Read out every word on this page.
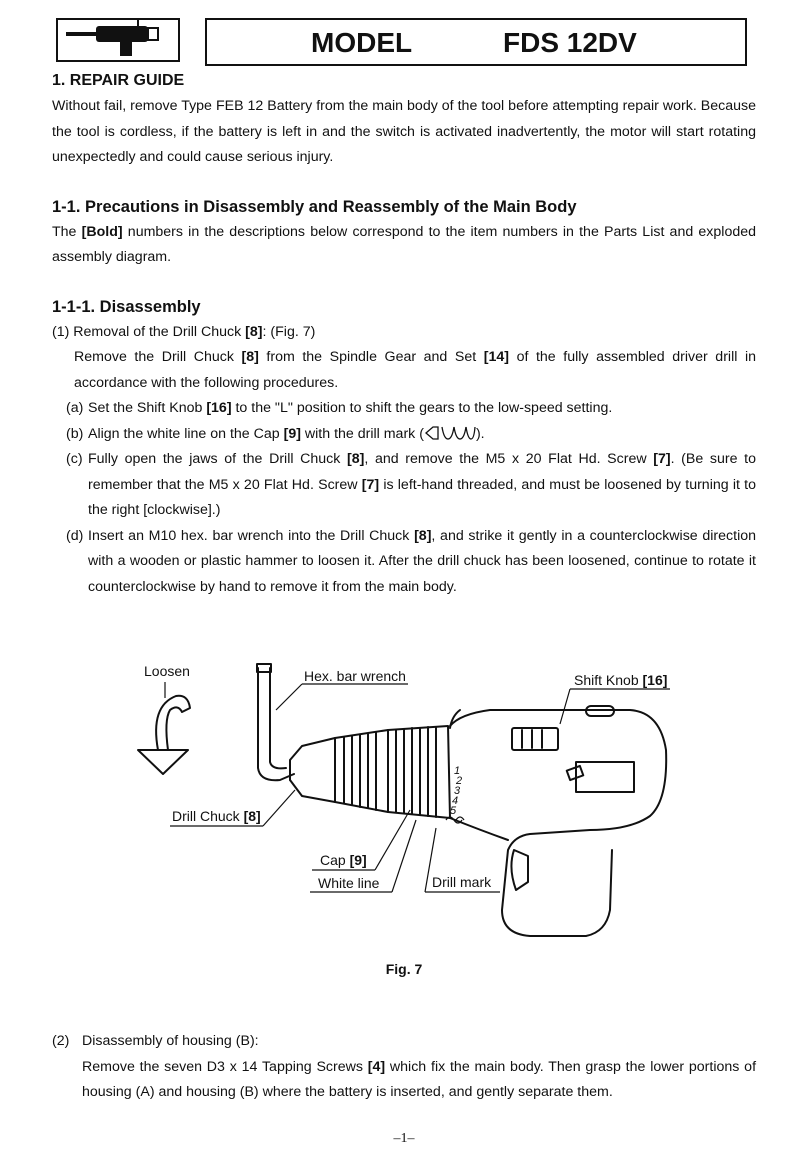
MODEL	FDS 12DV
1. REPAIR GUIDE

Without fail, remove Type FEB 12 Battery from the main body of the tool before attempting repair work. Because the tool is cordless, if the battery is left in and the switch is activated inadvertently, the motor will start rotating unexpectedly and could cause serious injury.

1-1. Precautions in Disassembly and Reassembly of the Main Body

The [Bold] numbers in the descriptions below correspond to the item numbers in the Parts List and exploded assembly diagram.

1-1-1. Disassembly

(1) Removal of the Drill Chuck [8]: (Fig. 7)

Remove the Drill Chuck [8] from the Spindle Gear and Set [14] of the fully assembled driver drill in accordance with the following procedures.

(a) Set the Shift Knob [16] to the "L" position to shift the gears to the low-speed setting.

(b) Align the white line on the Cap [9] with the drill mark (	).

(c) Fully open the jaws of the Drill Chuck [8], and remove the M5 x 20 Flat Hd. Screw [7]. (Be sure to remember that the M5 x 20 Flat Hd. Screw [7] is left-hand threaded, and must be loosened by turning it to the right [clockwise].)

(d) Insert an M10 hex. bar wrench into the Drill Chuck [8], and strike it gently in a counterclockwise direction with a wooden or plastic hammer to loosen it. After the drill chuck has been loosened, continue to rotate it counterclockwise by hand to remove it from the main body.

1
2
3
4
5
Loosen	Hex. bar wrench	Shift Knob [16]
Drill Chuck [8]
Cap [9]
White line	Drill mark
Fig. 7
(2) Disassembly of housing (B):

Remove the seven D3 x 14 Tapping Screws [4] which fix the main body. Then grasp the lower portions of housing (A) and housing (B) where the battery is inserted, and gently separate them.

–1–
